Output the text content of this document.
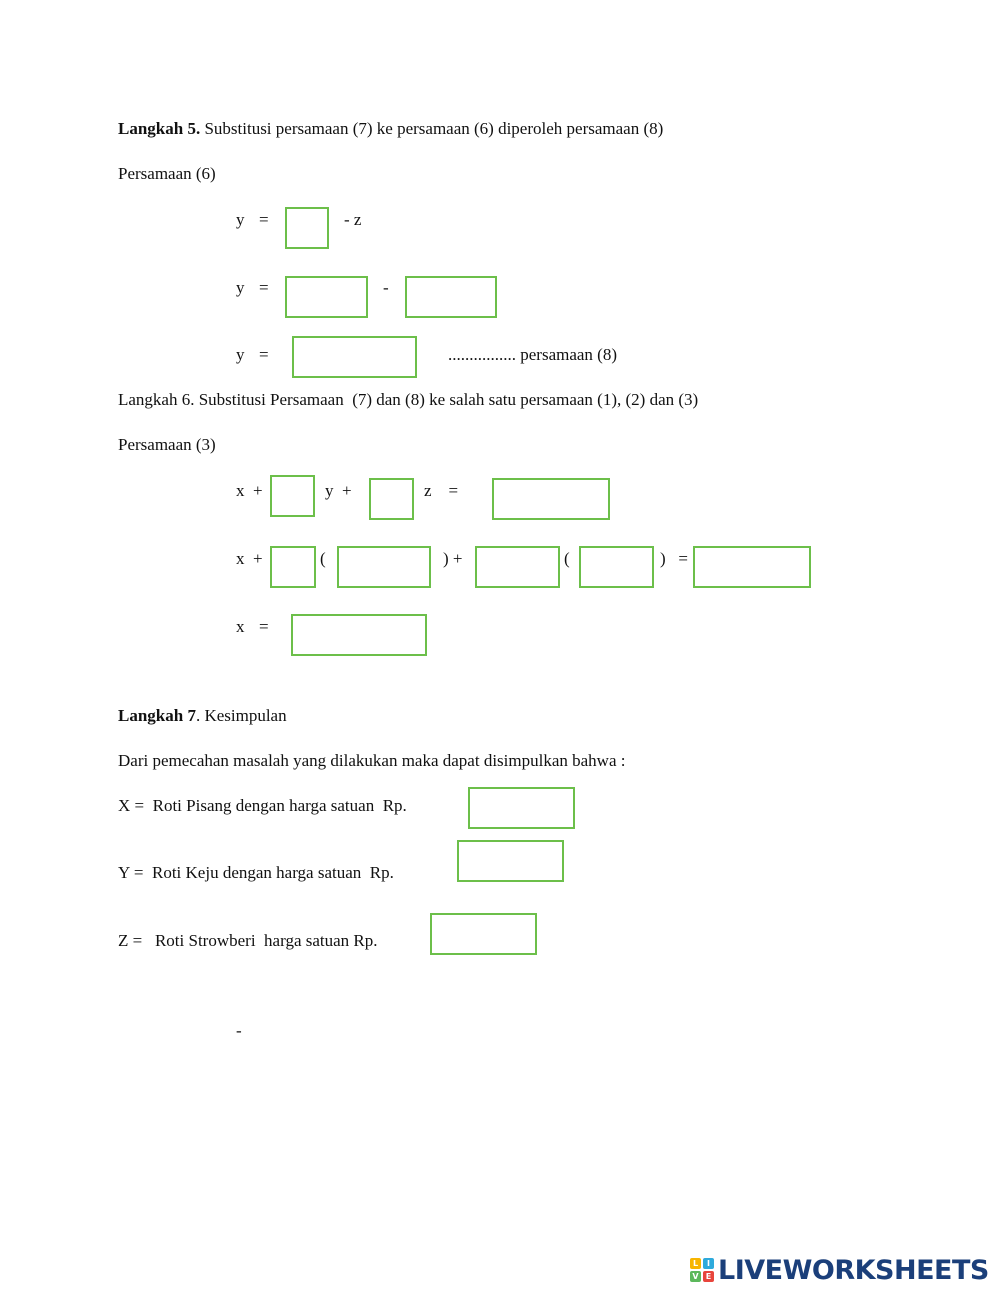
Langkah 5. Substitusi persamaan (7) ke persamaan (6) diperoleh persamaan (8)
Persamaan (6)
y =	- z
y =	-
y =	................ persamaan (8)
Langkah 6. Substitusi Persamaan  (7) dan (8) ke salah satu persamaan (1), (2) dan (3)
Persamaan (3)
x  +	y  +	z    =
x  +	(	) +	(	)   =
x =
Langkah 7. Kesimpulan
Dari pemecahan masalah yang dilakukan maka dapat disimpulkan bahwa :
X =  Roti Pisang dengan harga satuan  Rp.
Y =  Roti Keju dengan harga satuan  Rp.
Z =   Roti Strowberi  harga satuan Rp.
-
L	I
V E LIVEWORKSHEETS
